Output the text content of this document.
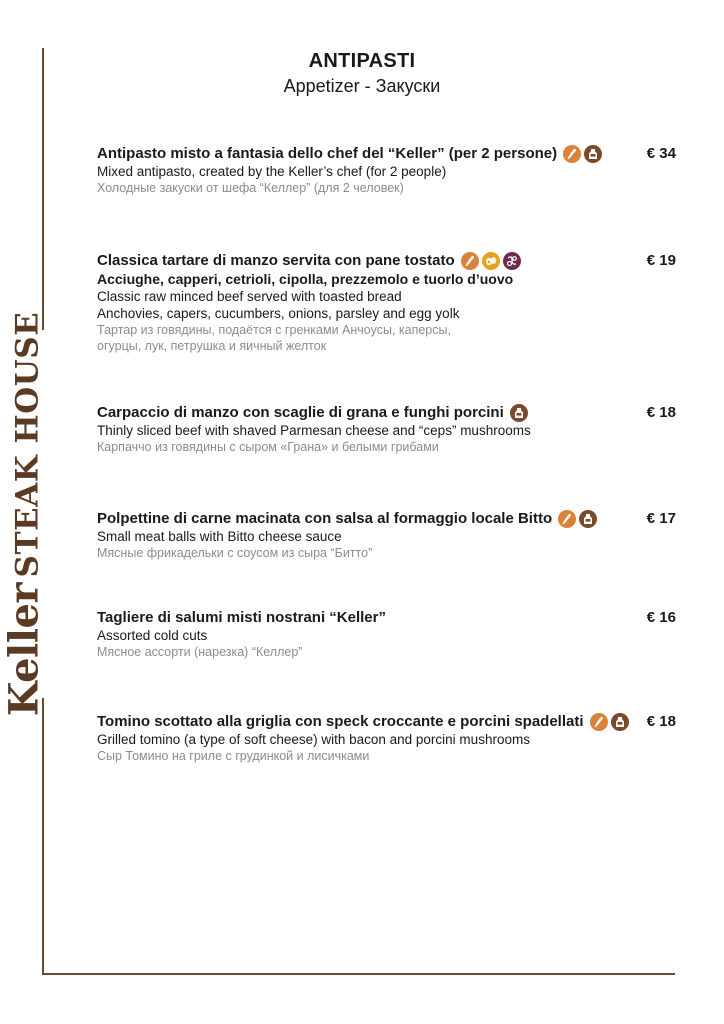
Keller STEAK HOUSE
ANTIPASTI
Appetizer - Закуски
Antipasto misto a fantasia dello chef del “Keller” (per 2 persone)
Mixed antipasto, created by the Keller’s chef (for 2 people)
Холодные закуски от шефа “Келлер” (для 2 человек)
€ 34
Classica tartare di manzo servita con pane tostato
Acciughe, capperi, cetrioli, cipolla, prezzemolo e tuorlo d’uovo
Classic raw minced beef served with toasted bread
Anchovies, capers, cucumbers, onions, parsley and egg yolk
Тартар из говядины, подаётся с гренками Анчоусы, каперсы,
огурцы, лук, петрушка и яичный желток
€ 19
Carpaccio di manzo con scaglie di grana e funghi porcini
Thinly sliced beef with shaved Parmesan cheese and “ceps” mushrooms
Карпаччо из говядины с сыром «Грана» и белыми грибами
€ 18
Polpettine di carne macinata con salsa al formaggio locale Bitto
Small meat balls with Bitto cheese sauce
Мясные фрикадельки с соусом из сыра “Битто”
€ 17
Tagliere di salumi misti nostrani “Keller”
Assorted cold cuts
Мясное ассорти (нарезка) “Келлер”
€ 16
Tomino scottato alla griglia con speck croccante e porcini spadellati
Grilled tomino (a type of soft cheese) with bacon and porcini mushrooms
Сыр Томино на гриле с грудинкой и лисичками
€ 18
